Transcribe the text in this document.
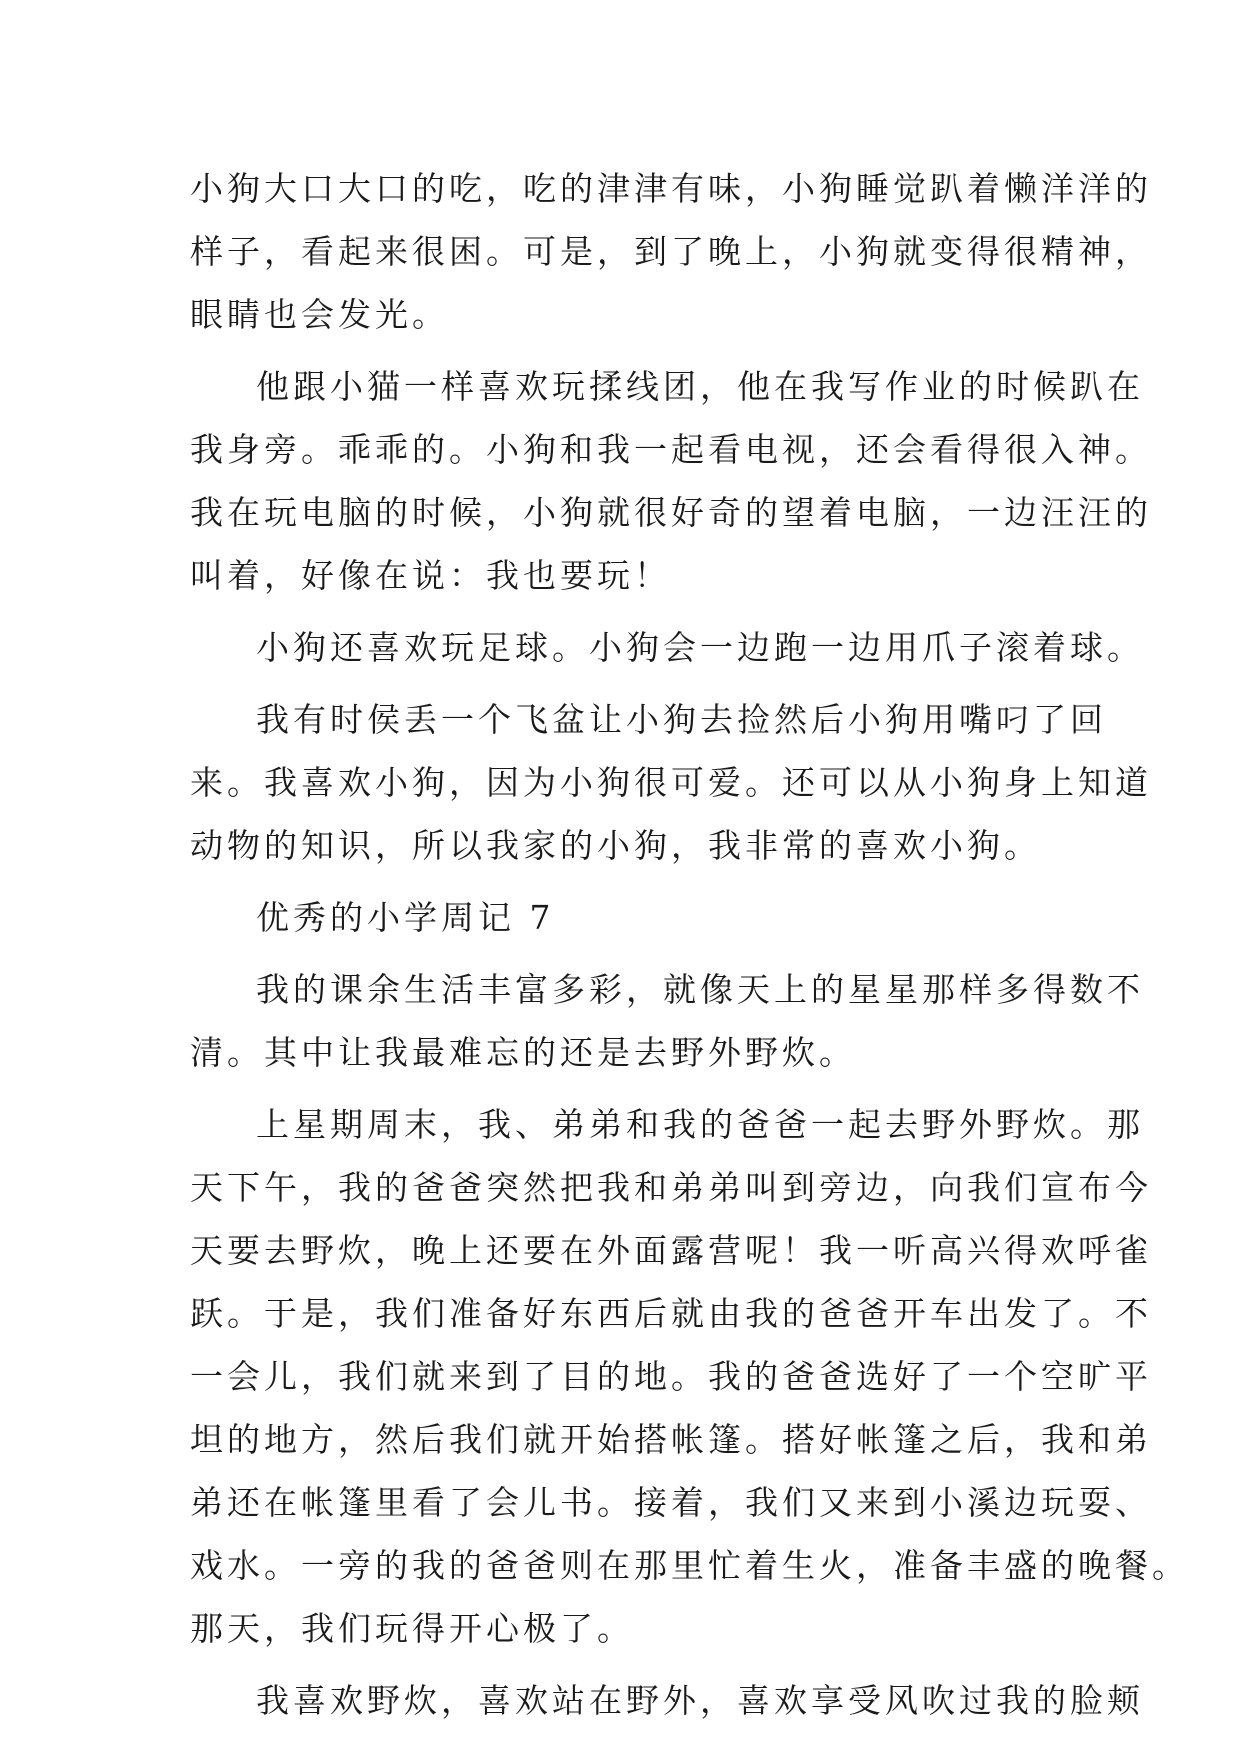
小狗大口大口的吃，吃的津津有味，小狗睡觉趴着懒洋洋的
样子，看起来很困。可是，到了晚上，小狗就变得很精神，
眼睛也会发光。
他跟小猫一样喜欢玩揉线团，他在我写作业的时候趴在
我身旁。乖乖的。小狗和我一起看电视，还会看得很入神。
我在玩电脑的时候，小狗就很好奇的望着电脑，一边汪汪的
叫着，好像在说：我也要玩！
小狗还喜欢玩足球。小狗会一边跑一边用爪子滚着球。
我有时侯丢一个飞盆让小狗去捡然后小狗用嘴叼了回
来。我喜欢小狗，因为小狗很可爱。还可以从小狗身上知道
动物的知识，所以我家的小狗，我非常的喜欢小狗。
优秀的小学周记 7
我的课余生活丰富多彩，就像天上的星星那样多得数不
清。其中让我最难忘的还是去野外野炊。
上星期周末，我、弟弟和我的爸爸一起去野外野炊。那
天下午，我的爸爸突然把我和弟弟叫到旁边，向我们宣布今
天要去野炊，晚上还要在外面露营呢！我一听高兴得欢呼雀
跃。于是，我们准备好东西后就由我的爸爸开车出发了。不
一会儿，我们就来到了目的地。我的爸爸选好了一个空旷平
坦的地方，然后我们就开始搭帐篷。搭好帐篷之后，我和弟
弟还在帐篷里看了会儿书。接着，我们又来到小溪边玩耍、
戏水。一旁的我的爸爸则在那里忙着生火，准备丰盛的晚餐。
那天，我们玩得开心极了。
我喜欢野炊，喜欢站在野外，喜欢享受风吹过我的脸颊
